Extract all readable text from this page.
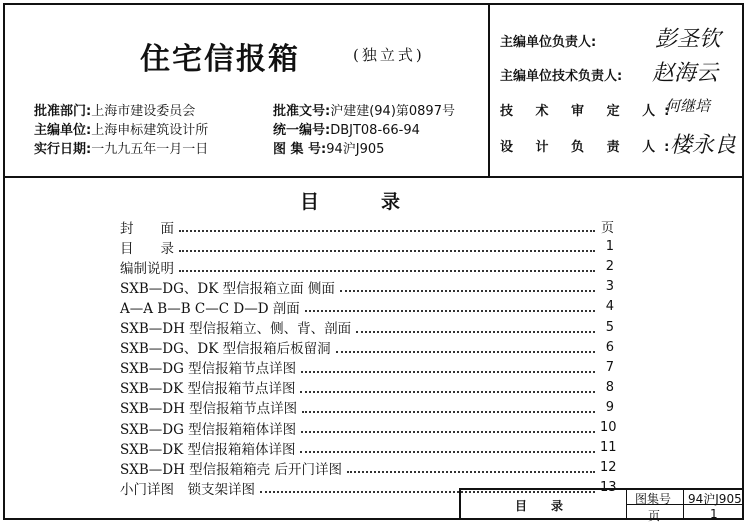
住宅信报箱	(独立式)
批准部门:上海市建设委员会
主编单位:上海申标建筑设计所
实行日期:一九九五年一月一日
批准文号:沪建建(94)第0897号
统一编号:DBJT08-66-94
图 集 号:94沪J905
主编单位负责人:	彭圣钦
主编单位技术负责人: 赵海云
技 术 审 定 人:
何继培
设 计 负 责 人:
楼永良
目录
封　　面	页
目　　录	1
编制说明	2
SXB—DG、DK 型信报箱立面 侧面	3
A—A B—B C—C D—D 剖面	4
SXB—DH 型信报箱立、侧、背、剖面	5
SXB—DG、DK 型信报箱后板留洞	6
SXB—DG 型信报箱节点详图	7
SXB—DK 型信报箱节点详图	8
SXB—DH 型信报箱节点详图	9
SXB—DG 型信报箱箱体详图	10
SXB—DK 型信报箱箱体详图	11
SXB—DH 型信报箱箱壳 后开门详图	12
小门详图　锁支架详图	13
目　　录	图集号 94沪J905
页	1
